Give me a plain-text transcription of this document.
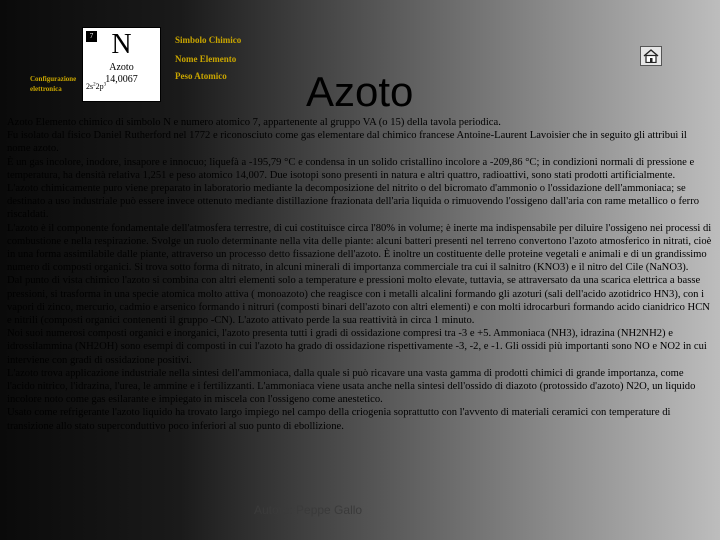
7 N
Azoto
14,0067
$2s^22p^3$
Configurazione elettronica
Simbolo Chimico
Nome Elemento
Peso Atomico Azoto

Azoto Elemento chimico di simbolo N e numero atomico 7, appartenente al gruppo VA (o 15) della tavola periodica.

Fu isolato dal fisico Daniel Rutherford nel 1772 e riconosciuto come gas elementare dal chimico francese Antoine-Laurent Lavoisier che in seguito gli attribuì il nome azoto.

È un gas incolore, inodore, insapore e innocuo; liquefà a -195,79 °C e condensa in un solido cristallino incolore a -209,86 °C; in condizioni normali di pressione e temperatura, ha densità relativa 1,251 e peso atomico 14,007. Due isotopi sono presenti in natura e altri quattro, radioattivi, sono stati prodotti artificialmente.

L'azoto chimicamente puro viene preparato in laboratorio mediante la decomposizione del nitrito o del bicromato d'ammonio o l'ossidazione dell'ammoniaca; se destinato a uso industriale può essere invece ottenuto mediante distillazione frazionata dell'aria liquida o rimuovendo l'ossigeno dall'aria con rame metallico o ferro riscaldati.

L'azoto è il componente fondamentale dell'atmosfera terrestre, di cui costituisce circa l'80% in volume; è inerte ma indispensabile per diluire l'ossigeno nei processi di combustione e nella respirazione. Svolge un ruolo determinante nella vita delle piante: alcuni batteri presenti nel terreno convertono l'azoto atmosferico in nitrati, cioè in una forma assimilabile dalle piante, attraverso un processo detto fissazione dell'azoto. È inoltre un costituente delle proteine vegetali e animali e di un grandissimo numero di composti organici. Si trova sotto forma di nitrato, in alcuni minerali di importanza commerciale tra cui il salnitro (KNO3) e il nitro del Cile (NaNO3).

Dal punto di vista chimico l'azoto si combina con altri elementi solo a temperature e pressioni molto elevate, tuttavia, se attraversato da una scarica elettrica a basse pressioni, si trasforma in una specie atomica molto attiva ( monoazoto) che reagisce con i metalli alcalini formando gli azoturi (sali dell'acido azotidrico HN3), con i vapori di zinco, mercurio, cadmio e arsenico formando i nitruri (composti binari dell'azoto con altri elementi) e con molti idrocarburi formando acido cianidrico HCN e nitrili (composti organici contenenti il gruppo -CN). L'azoto attivato perde la sua reattività in circa 1 minuto.

Noi suoi numerosi composti organici e inorganici, l'azoto presenta tutti i gradi di ossidazione compresi tra -3 e +5. Ammoniaca (NH3), idrazina (NH2NH2) e idrossilammina (NH2OH) sono esempi di composti in cui l'azoto ha grado di ossidazione rispettivamente -3, -2, e -1. Gli ossidi più importanti sono NO e NO2 in cui interviene con gradi di ossidazione positivi.

L'azoto trova applicazione industriale nella sintesi dell'ammoniaca, dalla quale si può ricavare una vasta gamma di prodotti chimici di grande importanza, come l'acido nitrico, l'idrazina, l'urea, le ammine e i fertilizzanti. L'ammoniaca viene usata anche nella sintesi dell'ossido di diazoto (protossido d'azoto) N2O, un liquido incolore noto come gas esilarante e impiegato in miscela con l'ossigeno come anestetico.

Usato come refrigerante l'azoto liquido ha trovato largo impiego nel campo della criogenia soprattutto con l'avvento di materiali ceramici con temperature di transizione allo stato superconduttivo poco inferiori al suo punto di ebollizione.

Autore: Peppe Gallo
